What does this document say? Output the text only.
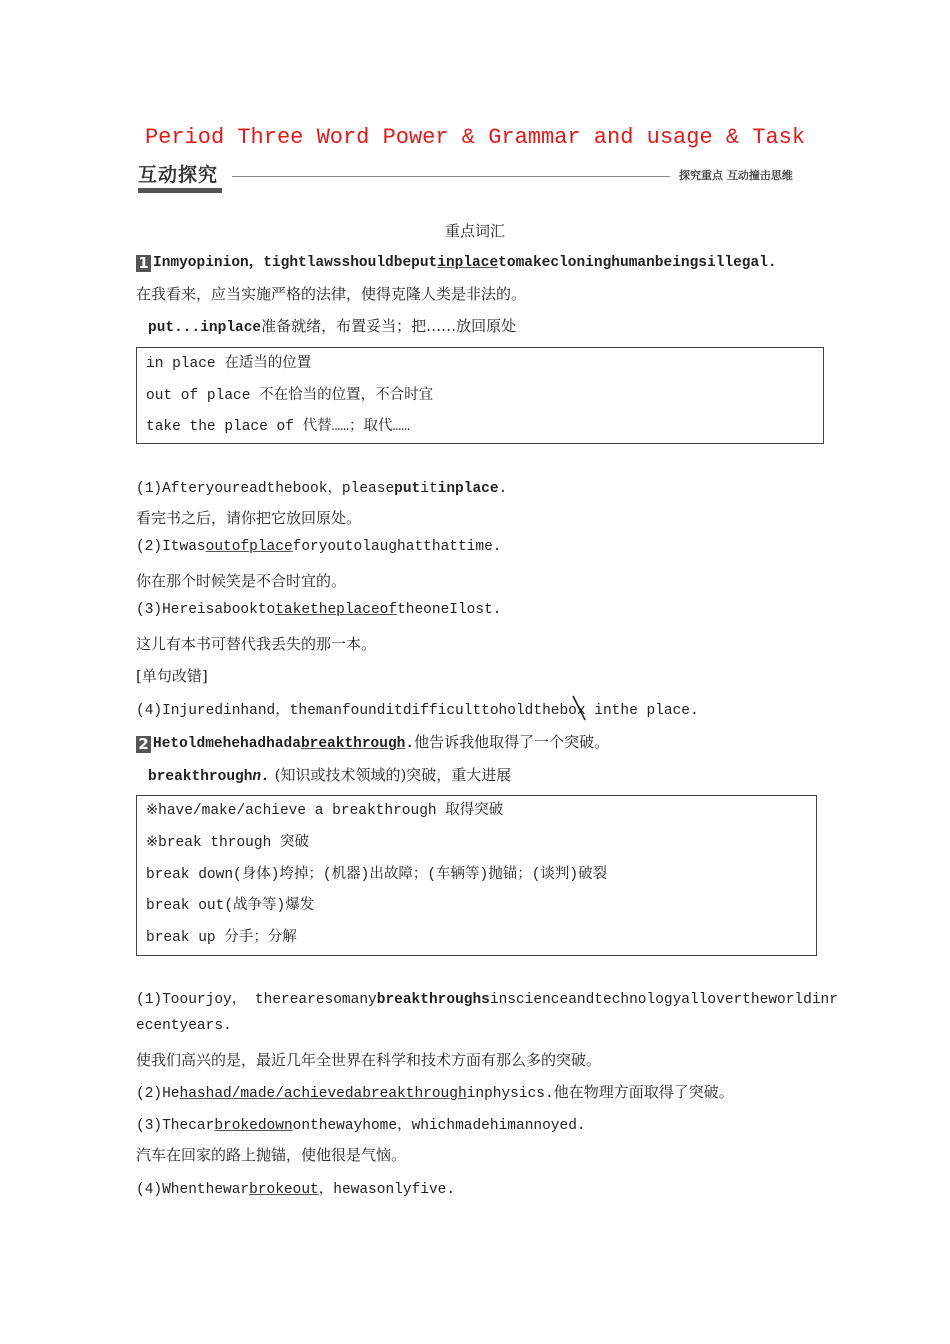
Period Three Word Power & Grammar and usage & Task
互动探究	探究重点 互动撞击思维
重点词汇
1 Inmyopinion，tightlawsshouldbeputinplacetomakecloninghumanbeingsillegal.
在我看来，应当实施严格的法律，使得克隆人类是非法的。
put...inplace准备就绪，布置妥当；把……放回原处
in place 在适当的位置
out of place 不在恰当的位置，不合时宜
take the place of 代替……；取代……
(1)Afteryoureadthebook，pleaseputitinplace.
看完书之后，请你把它放回原处。
(2)Itwasoutofplaceforyoutolaughatthattime.
你在那个时候笑是不合时宜的。
(3)HereisabooktotaketheplaceoftheoneIlost.
这儿有本书可替代我丢失的那一本。
[单句改错]
(4)Injuredinhand，themanfounditdifficulttoholdthebox inthe place.
2 Hetoldmehehadhadabreakthrough.他告诉我他取得了一个突破。
breakthroughn. (知识或技术领域的)突破，重大进展
※have/make/achieve a breakthrough 取得突破
※break through 突破
break down(身体)垮掉；(机器)出故障；(车辆等)抛锚；(谈判)破裂
break out(战争等)爆发
break up 分手；分解
(1)Toourjoy， therearesomanybreakthroughsinscienceandtechnologyallovertheworldinr
ecentyears.
使我们高兴的是，最近几年全世界在科学和技术方面有那么多的突破。
(2)Hehashad/made/achievedabreakthroughinphysics.他在物理方面取得了突破。
(3)Thecarbrokedownonthewayhome，whichmadehimannoyed.
汽车在回家的路上抛锚，使他很是气恼。
(4)Whenthewarbrokeout，hewasonlyfive.
